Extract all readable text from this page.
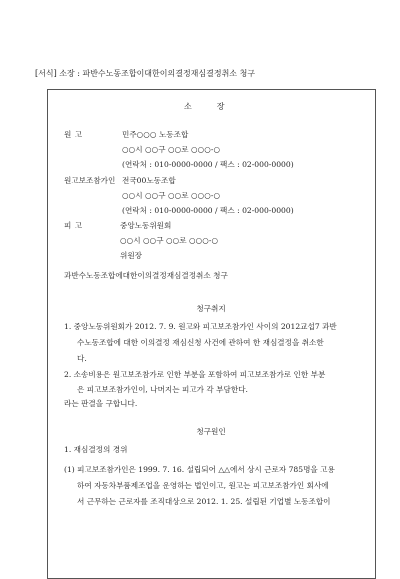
[서식] 소장 : 파반수노동조합이대한이의결정재심결정취소 청구
소	장
원 고	민주○○○ 노동조합
○○시 ○○구 ○○로 ○○○-○
(연락처 : 010-0000-0000 / 팩스 : 02-000-0000)
원고보조참가인 전국00노동조합
○○시 ○○구 ○○로 ○○○-○
(연락처 : 010-0000-0000 / 팩스 : 02-000-0000)
피 고	중앙노동위원회
○○시 ○○구 ○○로 ○○○-○
위원장
과반수노동조합에대한이의결정재심결정취소 청구
청구취지
1. 중앙노동위원회가 2012. 7. 9. 원고와 피고보조참가인 사이의 2012교섭7 과반
수노동조합에 대한 이의결정 재심신청 사건에 관하여 한 재심결정을 취소한
다.
2. 소송비용은 원고보조참가로 인한 부분을 포함하여 피고보조참가로 인한 부분
은 피고보조참가인이, 나머지는 피고가 각 부담한다.
라는 판결을 구합니다.
청구원인
1. 재심결정의 경위
(1) 피고보조참가인은 1999. 7. 16. 설립되어 △△에서 상시 근로자 785명을 고용
하여 자동차부품제조업을 운영하는 법인이고, 원고는 피고보조참가인 회사에
서 근무하는 근로자를 조직대상으로 2012. 1. 25. 설립된 기업별 노동조합이
